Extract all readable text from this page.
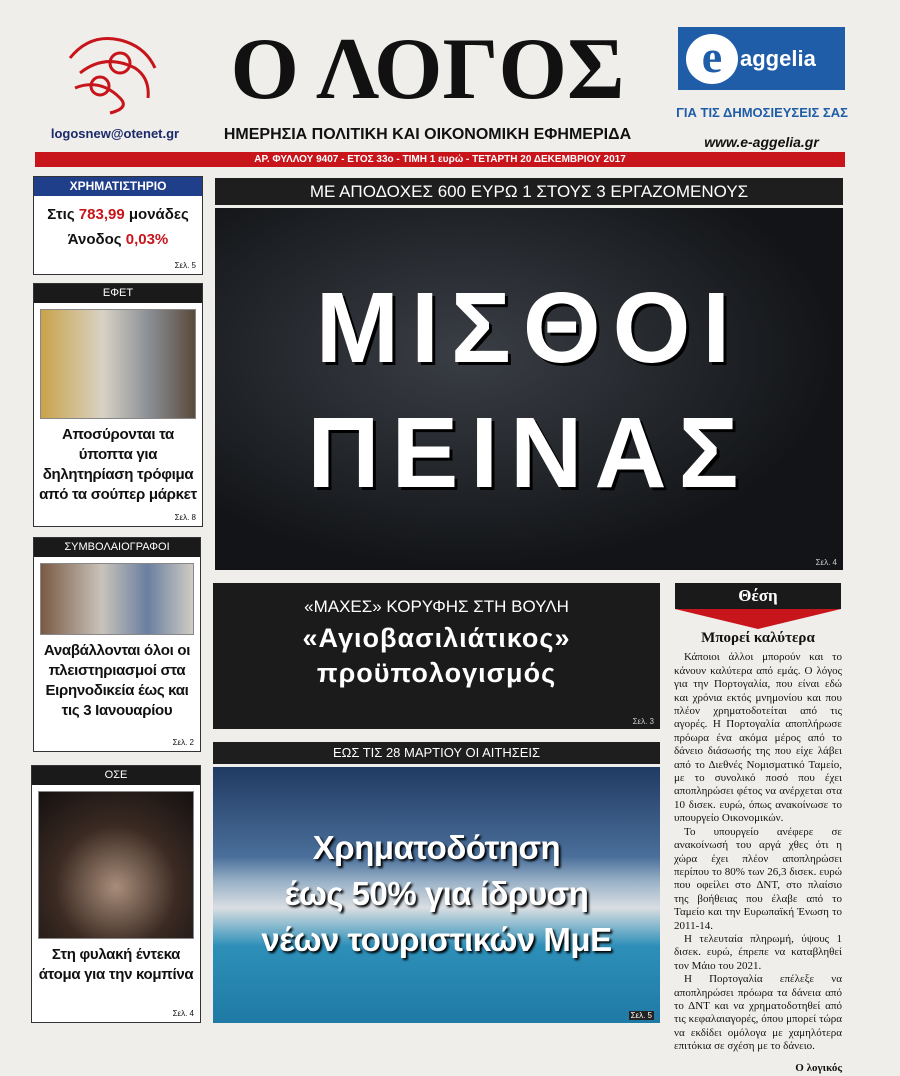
logosnew@otenet.gr
Ο ΛΟΓΟΣ
ΗΜΕΡΗΣΙΑ ΠΟΛΙΤΙΚΗ ΚΑΙ ΟΙΚΟΝΟΜΙΚΗ ΕΦΗΜΕΡΙΔΑ
ΑΡ. ΦΥΛΛΟΥ 9407 - ΕΤΟΣ 33ο - ΤΙΜΗ 1 ευρώ - ΤΕΤΑΡΤΗ 20 ΔΕΚΕΜΒΡΙΟΥ 2017
e aggelia
ΓΙΑ ΤΙΣ ΔΗΜΟΣΙΕΥΣΕΙΣ ΣΑΣ
www.e-aggelia.gr
ΧΡΗΜΑΤΙΣΤΗΡΙΟ
Στις 783,99 μονάδες
Άνοδος 0,03%
Σελ. 5
ΕΦΕΤ
Αποσύρονται τα ύποπτα για δηλητηρίαση τρόφιμα από τα σούπερ μάρκετ
Σελ. 8
ΣΥΜΒΟΛΑΙΟΓΡΑΦΟΙ
Αναβάλλονται όλοι οι πλειστηριασμοί στα Ειρηνοδικεία έως και τις 3 Ιανουαρίου
Σελ. 2
ΟΣΕ
Στη φυλακή έντεκα άτομα για την κομπίνα
Σελ. 4
ΜΕ ΑΠΟΔΟΧΕΣ 600 ΕΥΡΩ 1 ΣΤΟΥΣ 3 ΕΡΓΑΖΟΜΕΝΟΥΣ
ΜΙΣΘΟΙ
ΠΕΙΝΑΣ
Σελ. 4
«ΜΑΧΕΣ» ΚΟΡΥΦΗΣ ΣΤΗ ΒΟΥΛΗ
«Αγιοβασιλιάτικος»
προϋπολογισμός
Σελ. 3
ΕΩΣ ΤΙΣ 28 ΜΑΡΤΙΟΥ ΟΙ ΑΙΤΗΣΕΙΣ
Χρηματοδότηση
έως 50% για ίδρυση
νέων τουριστικών ΜμΕ
Σελ. 5
Θέση
Μπορεί καλύτερα

Κάποιοι άλλοι μπορούν και το κάνουν καλύτερα από εμάς. Ο λόγος για την Πορτογαλία, που είναι εδώ και χρόνια εκτός μνημονίου και που πλέον χρηματοδοτείται από τις αγορές. Η Πορτογαλία αποπλήρωσε πρόωρα ένα ακόμα μέρος από το δάνειο διάσωσής της που είχε λάβει από το Διεθνές Νομισματικό Ταμείο, με το συνολικό ποσό που έχει αποπληρώσει φέτος να ανέρχεται στα 10 δισεκ. ευρώ, όπως ανακοίνωσε το υπουργείο Οικονομικών.

Το υπουργείο ανέφερε σε ανακοίνωσή του αργά χθες ότι η χώρα έχει πλέον αποπληρώσει περίπου το 80% των 26,3 δισεκ. ευρώ που οφείλει στο ΔΝΤ, στο πλαίσιο της βοήθειας που έλαβε από το Ταμείο και την Ευρωπαϊκή Ένωση το 2011-14.

Η τελευταία πληρωμή, ύψους 1 δισεκ. ευρώ, έπρεπε να καταβληθεί τον Μάιο του 2021.

Η Πορτογαλία επέλεξε να αποπληρώσει πρόωρα τα δάνεια από το ΔΝΤ και να χρηματοδοτηθεί από τις κεφαλαιαγορές, όπου μπορεί τώρα να εκδίδει ομόλογα με χαμηλότερα επιτόκια σε σχέση με το δάνειο.

Ο λογικός
